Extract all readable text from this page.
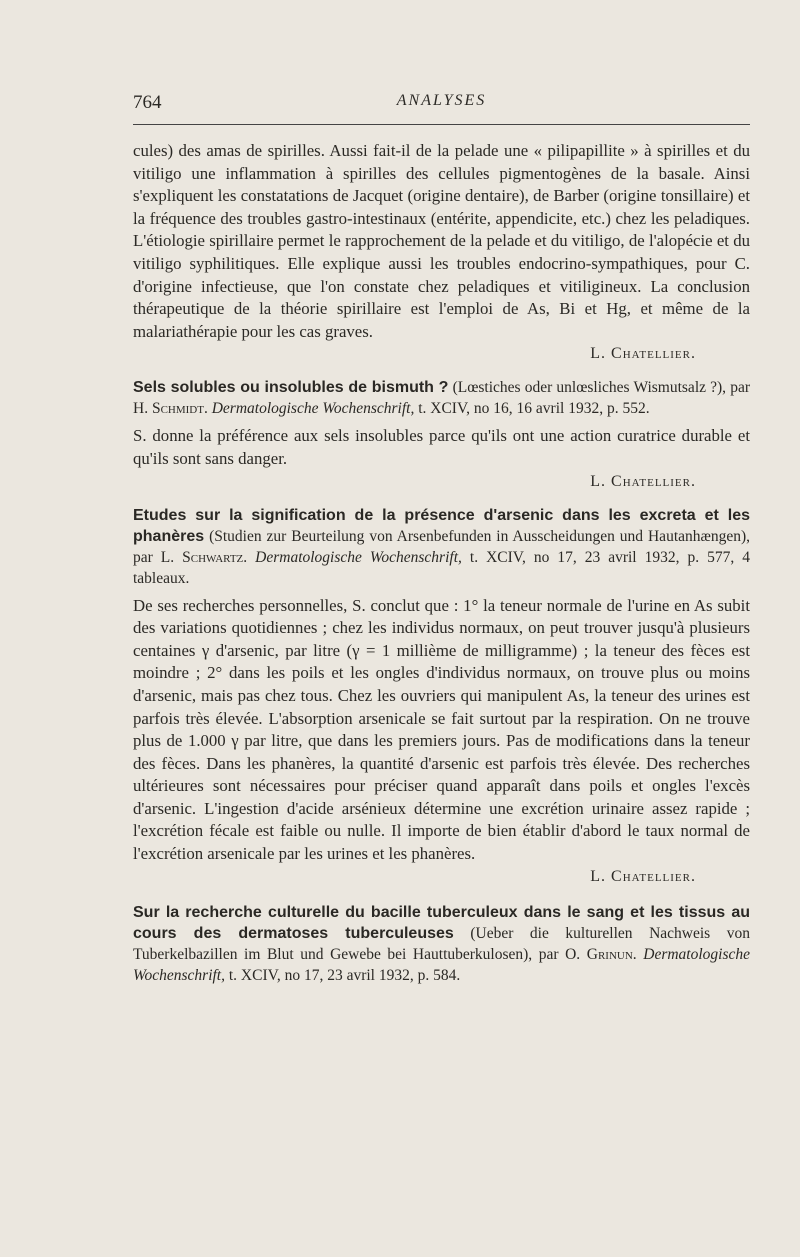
764	ANALYSES

cules) des amas de spirilles. Aussi fait-il de la pelade une « pilipapillite » à spirilles et du vitiligo une inflammation à spirilles des cellules pigmentogènes de la basale. Ainsi s'expliquent les constatations de Jacquet (origine dentaire), de Barber (origine tonsillaire) et la fréquence des troubles gastro-intestinaux (entérite, appendicite, etc.) chez les peladiques. L'étiologie spirillaire permet le rapprochement de la pelade et du vitiligo, de l'alopécie et du vitiligo syphilitiques. Elle explique aussi les troubles endocrino-sympathiques, pour C. d'origine infectieuse, que l'on constate chez peladiques et vitiligineux. La conclusion thérapeutique de la théorie spirillaire est l'emploi de As, Bi et Hg, et même de la malariathérapie pour les cas graves.

L. Chatellier.

Sels solubles ou insolubles de bismuth ? (Lœstiches oder unlœsliches Wismutsalz ?), par H. Schmidt. Dermatologische Wochenschrift, t. XCIV, no 16, 16 avril 1932, p. 552.

S. donne la préférence aux sels insolubles parce qu'ils ont une action curatrice durable et qu'ils sont sans danger.

L. Chatellier.

Etudes sur la signification de la présence d'arsenic dans les excreta et les phanères (Studien zur Beurteilung von Arsenbefunden in Ausscheidungen und Hautanhængen), par L. Schwartz. Dermatologische Wochenschrift, t. XCIV, no 17, 23 avril 1932, p. 577, 4 tableaux.

De ses recherches personnelles, S. conclut que : 1° la teneur normale de l'urine en As subit des variations quotidiennes ; chez les individus normaux, on peut trouver jusqu'à plusieurs centaines γ d'arsenic, par litre (γ = 1 millième de milligramme) ; la teneur des fèces est moindre ; 2° dans les poils et les ongles d'individus normaux, on trouve plus ou moins d'arsenic, mais pas chez tous. Chez les ouvriers qui manipulent As, la teneur des urines est parfois très élevée. L'absorption arsenicale se fait surtout par la respiration. On ne trouve plus de 1.000 γ par litre, que dans les premiers jours. Pas de modifications dans la teneur des fèces. Dans les phanères, la quantité d'arsenic est parfois très élevée. Des recherches ultérieures sont nécessaires pour préciser quand apparaît dans poils et ongles l'excès d'arsenic. L'ingestion d'acide arsénieux détermine une excrétion urinaire assez rapide ; l'excrétion fécale est faible ou nulle. Il importe de bien établir d'abord le taux normal de l'excrétion arsenicale par les urines et les phanères.

L. Chatellier.

Sur la recherche culturelle du bacille tuberculeux dans le sang et les tissus au cours des dermatoses tuberculeuses (Ueber die kulturellen Nachweis von Tuberkelbazillen im Blut und Gewebe bei Hauttuberkulosen), par O. Grinun. Dermatologische Wochenschrift, t. XCIV, no 17, 23 avril 1932, p. 584.
